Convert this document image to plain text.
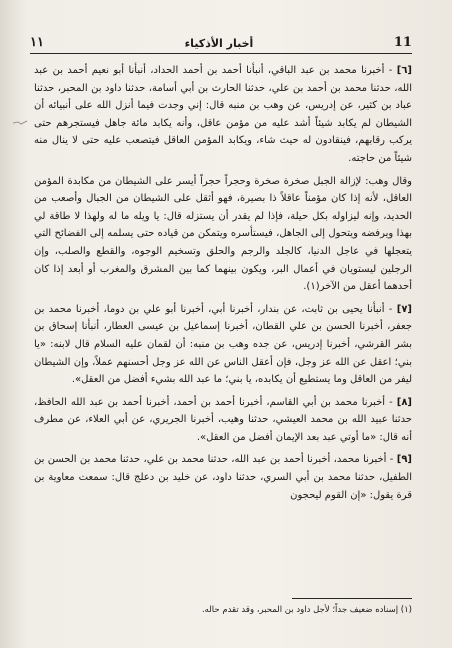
١١	أخبار الأذكياء	11

[٦] - أخبرنا محمد بن عبد الباقي، أنبأنا أحمد بن أحمد الحداد، أنبأنا أبو نعيم أحمد بن عبد الله، حدثنا محمد بن أحمد بن علي، حدثنا الحارث بن أبي أسامة، حدثنا داود بن المحبر، حدثنا عباد بن كثير، عن إدريس، عن وهب بن منبه قال: إني وجدت فيما أنزل الله على أنبيائه أن الشيطان لم يكابد شيئاً أشد عليه من مؤمن عاقل، وأنه يكابد مائة جاهل فيستجرهم حتى يركب رقابهم، فينقادون له حيث شاء، ويكابد المؤمن العاقل فيتصعب عليه حتى لا ينال منه شيئاً من حاجته.

وقال وهب: لإزالة الجبل صخرة صخرة وحجراً حجراً أيسر على الشيطان من مكابدة المؤمن العاقل، لأنه إذا كان مؤمناً عاقلاً ذا بصيرة، فهو أثقل على الشيطان من الجبال وأصعب من الحديد، وإنه ليزاوله بكل حيلة، فإذا لم يقدر أن يستزله قال: يا ويله ما له ولهذا لا طاقة لي بهذا ويرفضه ويتحول إلى الجاهل، فيستأسره ويتمكن من قياده حتى يسلمه إلى الفضائح التي يتعجلها في عاجل الدنيا، كالجلد والرجم والحلق وتسخيم الوجوه، والقطع والصلب، وإن الرجلين ليستويان في أعمال البر، ويكون بينهما كما بين المشرق والمغرب أو أبعد إذا كان أحدهما أعقل من الآخر(١).

[٧] - أنبأنا يحيى بن ثابت، عن بندار، أخبرنا أبي، أخبرنا أبو علي بن دوما، أخبرنا محمد بن جعفر، أخبرنا الحسن بن علي القطان، أخبرنا إسماعيل بن عيسى العطار، أنبأنا إسحاق بن بشر القرشي، أخبرنا إدريس، عن جده وهب بن منبه: أن لقمان عليه السلام قال لابنه: «يا بني؛ اعقل عن الله عز وجل، فإن أعقل الناس عن الله عز وجل أحسنهم عملاً، وإن الشيطان ليفر من العاقل وما يستطيع أن يكابده، يا بني؛ ما عبد الله بشيء أفضل من العقل».

[٨] - أخبرنا محمد بن أبي القاسم، أخبرنا أحمد بن أحمد، أخبرنا أحمد بن عبد الله الحافظ، حدثنا عبيد الله بن محمد العيشي، حدثنا وهيب، أخبرنا الجريري، عن أبي العلاء، عن مطرف أنه قال: «ما أوتي عبد بعد الإيمان أفضل من العقل».

[٩] - أخبرنا محمد، أخبرنا أحمد بن عبد الله، حدثنا محمد بن علي، حدثنا محمد بن الحسن بن الطفيل، حدثنا محمد بن أبي السري، حدثنا داود، عن خليد بن دعلج قال: سمعت معاوية بن قرة يقول: «إن القوم ليحجون

(١) إسناده ضعيف جداً؛ لأجل داود بن المحبر، وقد تقدم حاله.
